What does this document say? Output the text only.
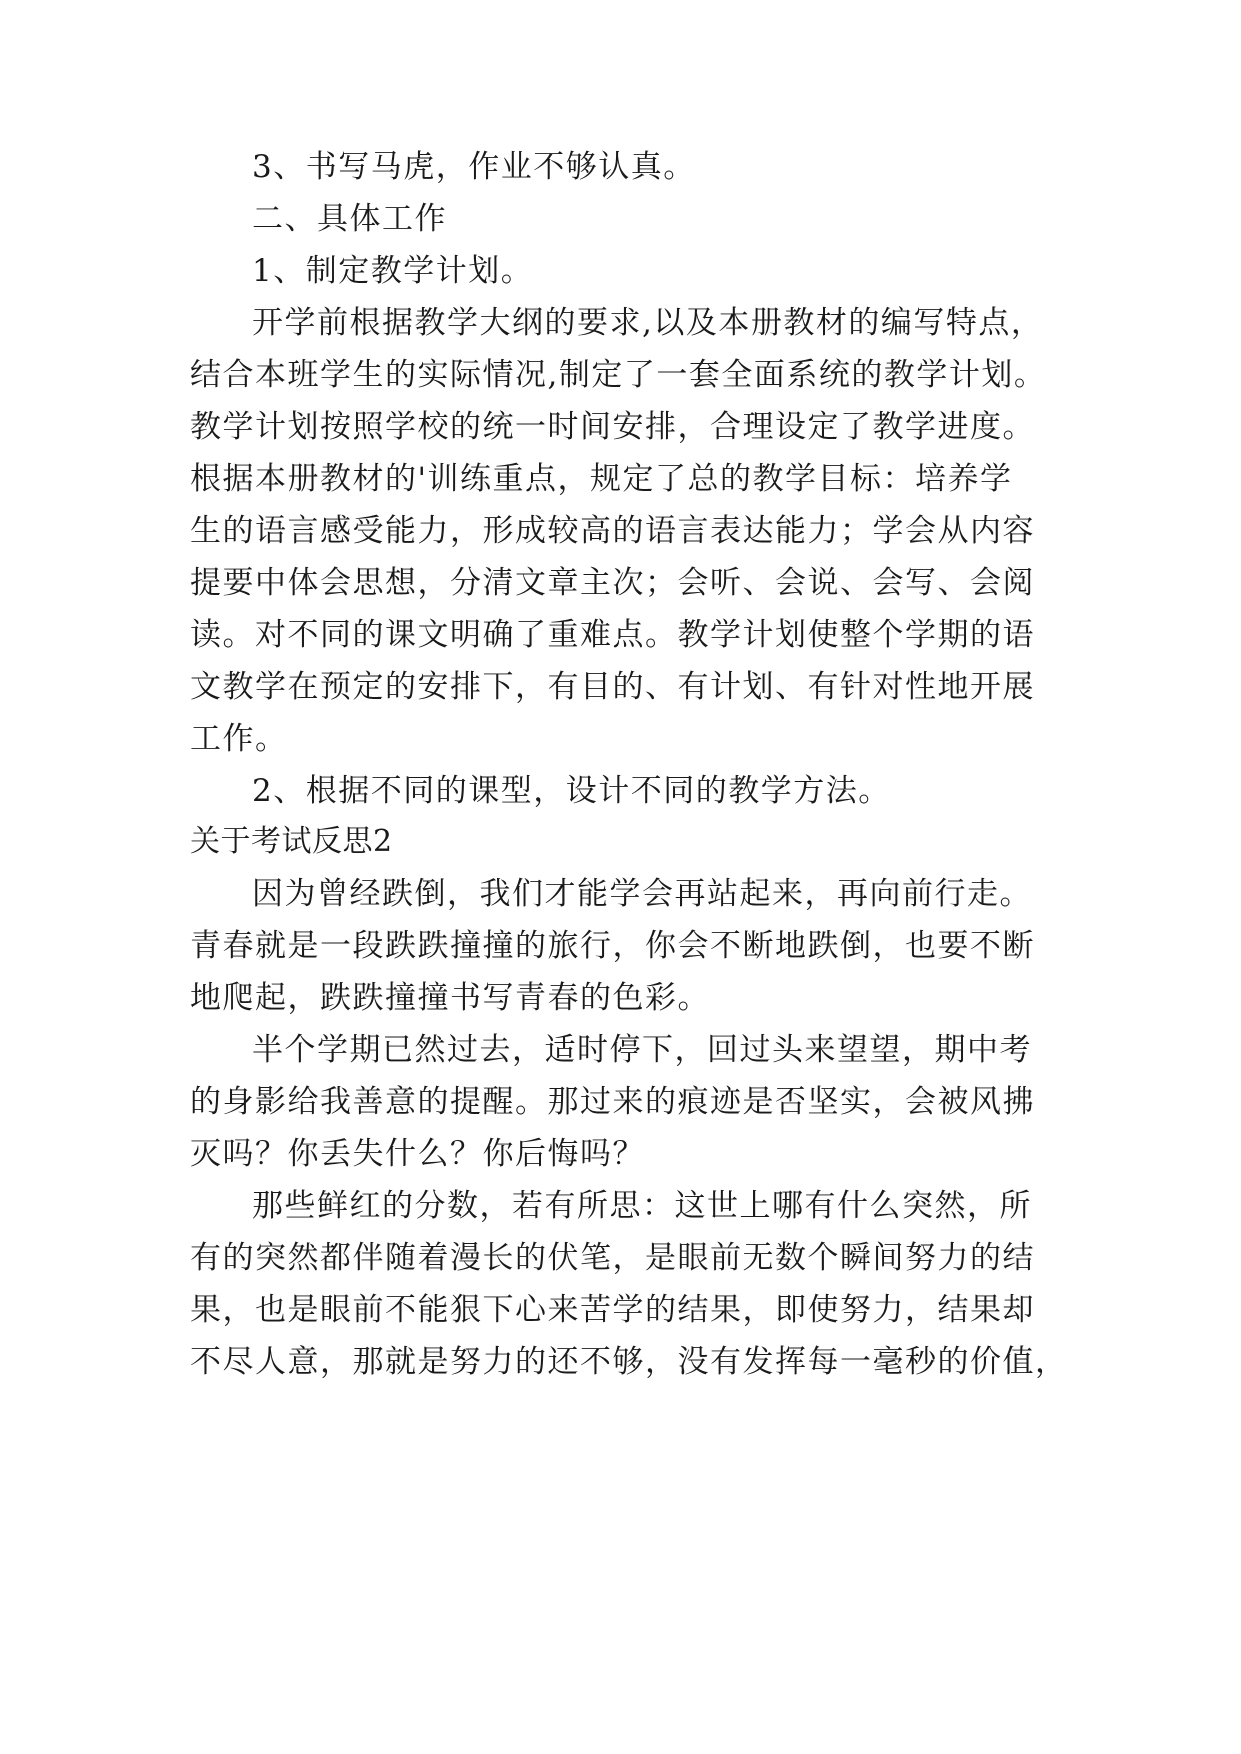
3、书写马虎，作业不够认真。
二、具体工作
1、制定教学计划。
开学前根据教学大纲的要求,以及本册教材的编写特点，
结合本班学生的实际情况,制定了一套全面系统的教学计划。
教学计划按照学校的统一时间安排，合理设定了教学进度。
根据本册教材的'训练重点，规定了总的教学目标：培养学
生的语言感受能力，形成较高的语言表达能力；学会从内容
提要中体会思想，分清文章主次；会听、会说、会写、会阅
读。对不同的课文明确了重难点。教学计划使整个学期的语
文教学在预定的安排下，有目的、有计划、有针对性地开展
工作。
2、根据不同的课型，设计不同的教学方法。
关于考试反思2
因为曾经跌倒，我们才能学会再站起来，再向前行走。
青春就是一段跌跌撞撞的旅行，你会不断地跌倒，也要不断
地爬起，跌跌撞撞书写青春的色彩。
半个学期已然过去，适时停下，回过头来望望，期中考
的身影给我善意的提醒。那过来的痕迹是否坚实，会被风拂
灭吗？你丢失什么？你后悔吗？
那些鲜红的分数，若有所思：这世上哪有什么突然，所
有的突然都伴随着漫长的伏笔，是眼前无数个瞬间努力的结
果，也是眼前不能狠下心来苦学的结果，即使努力，结果却
不尽人意，那就是努力的还不够，没有发挥每一毫秒的价值，
